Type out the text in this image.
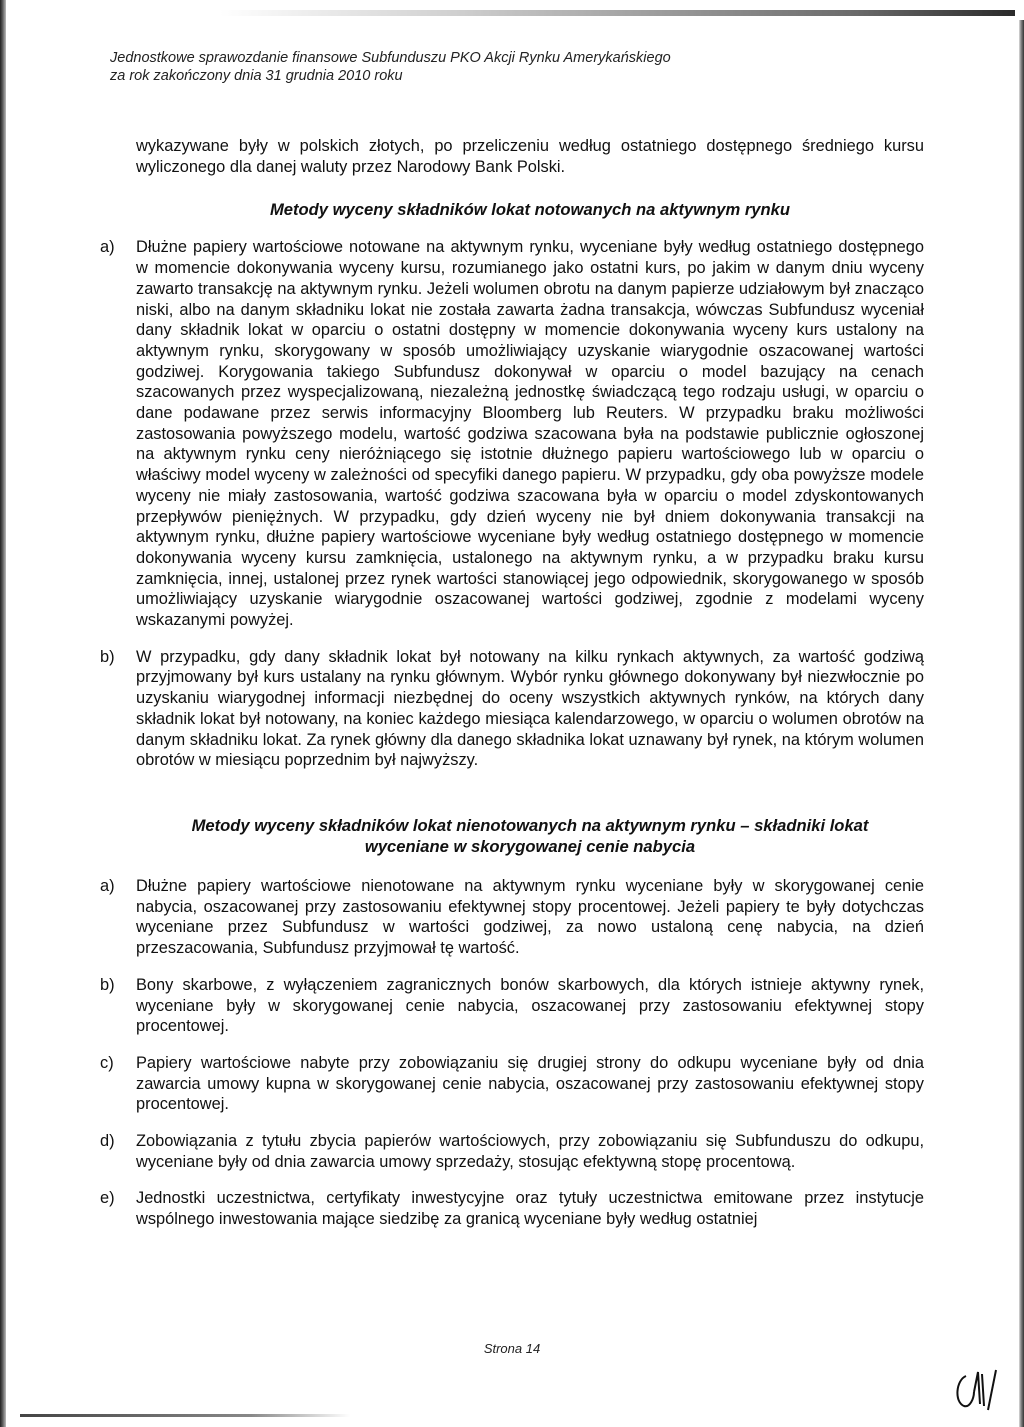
Jednostkowe sprawozdanie finansowe Subfunduszu PKO Akcji Rynku Amerykańskiego
za rok zakończony dnia 31 grudnia 2010 roku

wykazywane były w polskich złotych, po przeliczeniu według ostatniego dostępnego średniego kursu wyliczonego dla danej waluty przez Narodowy Bank Polski.

Metody wyceny składników lokat notowanych na aktywnym rynku

a) Dłużne papiery wartościowe notowane na aktywnym rynku, wyceniane były według ostatniego dostępnego w momencie dokonywania wyceny kursu, rozumianego jako ostatni kurs, po jakim w danym dniu wyceny zawarto transakcję na aktywnym rynku. Jeżeli wolumen obrotu na danym papierze udziałowym był znacząco niski, albo na danym składniku lokat nie została zawarta żadna transakcja, wówczas Subfundusz wyceniał dany składnik lokat w oparciu o ostatni dostępny w momencie dokonywania wyceny kurs ustalony na aktywnym rynku, skorygowany w sposób umożliwiający uzyskanie wiarygodnie oszacowanej wartości godziwej. Korygowania takiego Subfundusz dokonywał w oparciu o model bazujący na cenach szacowanych przez wyspecjalizowaną, niezależną jednostkę świadczącą tego rodzaju usługi, w oparciu o dane podawane przez serwis informacyjny Bloomberg lub Reuters. W przypadku braku możliwości zastosowania powyższego modelu, wartość godziwa szacowana była na podstawie publicznie ogłoszonej na aktywnym rynku ceny nieróżniącego się istotnie dłużnego papieru wartościowego lub w oparciu o właściwy model wyceny w zależności od specyfiki danego papieru. W przypadku, gdy oba powyższe modele wyceny nie miały zastosowania, wartość godziwa szacowana była w oparciu o model zdyskontowanych przepływów pieniężnych. W przypadku, gdy dzień wyceny nie był dniem dokonywania transakcji na aktywnym rynku, dłużne papiery wartościowe wyceniane były według ostatniego dostępnego w momencie dokonywania wyceny kursu zamknięcia, ustalonego na aktywnym rynku, a w przypadku braku kursu zamknięcia, innej, ustalonej przez rynek wartości stanowiącej jego odpowiednik, skorygowanego w sposób umożliwiający uzyskanie wiarygodnie oszacowanej wartości godziwej, zgodnie z modelami wyceny wskazanymi powyżej.

b) W przypadku, gdy dany składnik lokat był notowany na kilku rynkach aktywnych, za wartość godziwą przyjmowany był kurs ustalany na rynku głównym. Wybór rynku głównego dokonywany był niezwłocznie po uzyskaniu wiarygodnej informacji niezbędnej do oceny wszystkich aktywnych rynków, na których dany składnik lokat był notowany, na koniec każdego miesiąca kalendarzowego, w oparciu o wolumen obrotów na danym składniku lokat. Za rynek główny dla danego składnika lokat uznawany był rynek, na którym wolumen obrotów w miesiącu poprzednim był najwyższy.

Metody wyceny składników lokat nienotowanych na aktywnym rynku – składniki lokat
wyceniane w skorygowanej cenie nabycia
a) Dłużne papiery wartościowe nienotowane na aktywnym rynku wyceniane były w skorygowanej cenie nabycia, oszacowanej przy zastosowaniu efektywnej stopy procentowej. Jeżeli papiery te były dotychczas wyceniane przez Subfundusz w wartości godziwej, za nowo ustaloną cenę nabycia, na dzień przeszacowania, Subfundusz przyjmował tę wartość.

b) Bony skarbowe, z wyłączeniem zagranicznych bonów skarbowych, dla których istnieje aktywny rynek, wyceniane były w skorygowanej cenie nabycia, oszacowanej przy zastosowaniu efektywnej stopy procentowej.

c) Papiery wartościowe nabyte przy zobowiązaniu się drugiej strony do odkupu wyceniane były od dnia zawarcia umowy kupna w skorygowanej cenie nabycia, oszacowanej przy zastosowaniu efektywnej stopy procentowej.

d) Zobowiązania z tytułu zbycia papierów wartościowych, przy zobowiązaniu się Subfunduszu do odkupu, wyceniane były od dnia zawarcia umowy sprzedaży, stosując efektywną stopę procentową.

e) Jednostki uczestnictwa, certyfikaty inwestycyjne oraz tytuły uczestnictwa emitowane przez instytucje wspólnego inwestowania mające siedzibę za granicą wyceniane były według ostatniej

Strona 14
